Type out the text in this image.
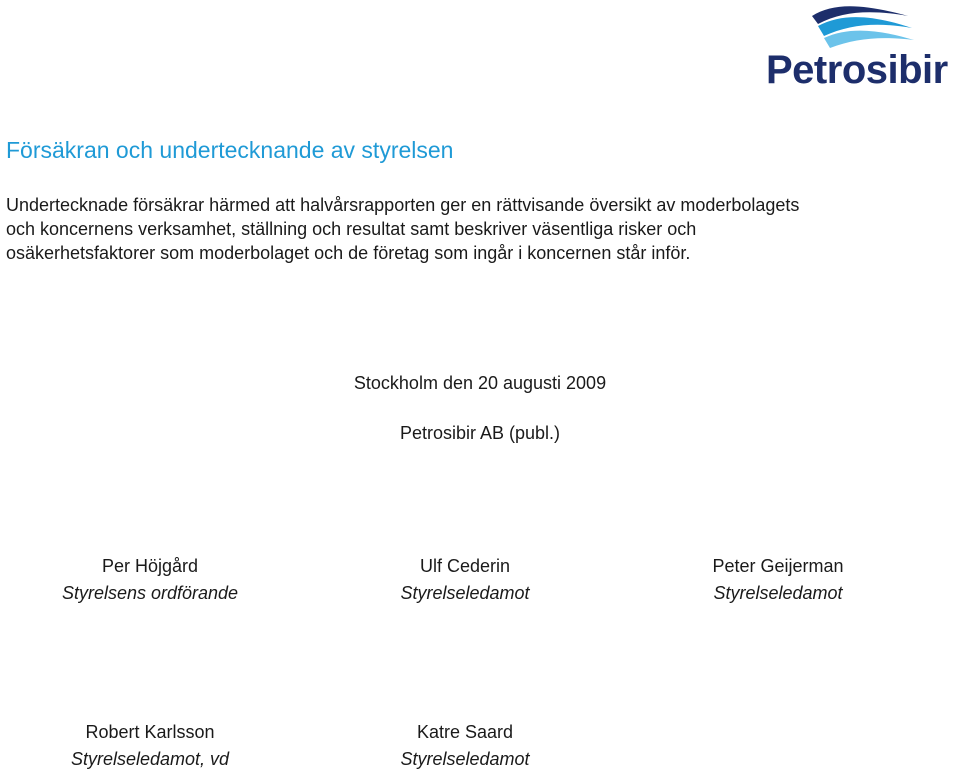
Petrosibir
Försäkran och undertecknande av styrelsen
Undertecknade försäkrar härmed att halvårsrapporten ger en rättvisande översikt av moderbolagets
och koncernens verksamhet, ställning och resultat samt beskriver väsentliga risker och
osäkerhetsfaktorer som moderbolaget och de företag som ingår i koncernen står inför.
Stockholm den 20 augusti 2009
Petrosibir AB (publ.)
Per Höjgård
Styrelsens ordförande
Ulf Cederin
Styrelseledamot
Peter Geijerman
Styrelseledamot
Robert Karlsson
Styrelseledamot, vd
Katre Saard
Styrelseledamot
